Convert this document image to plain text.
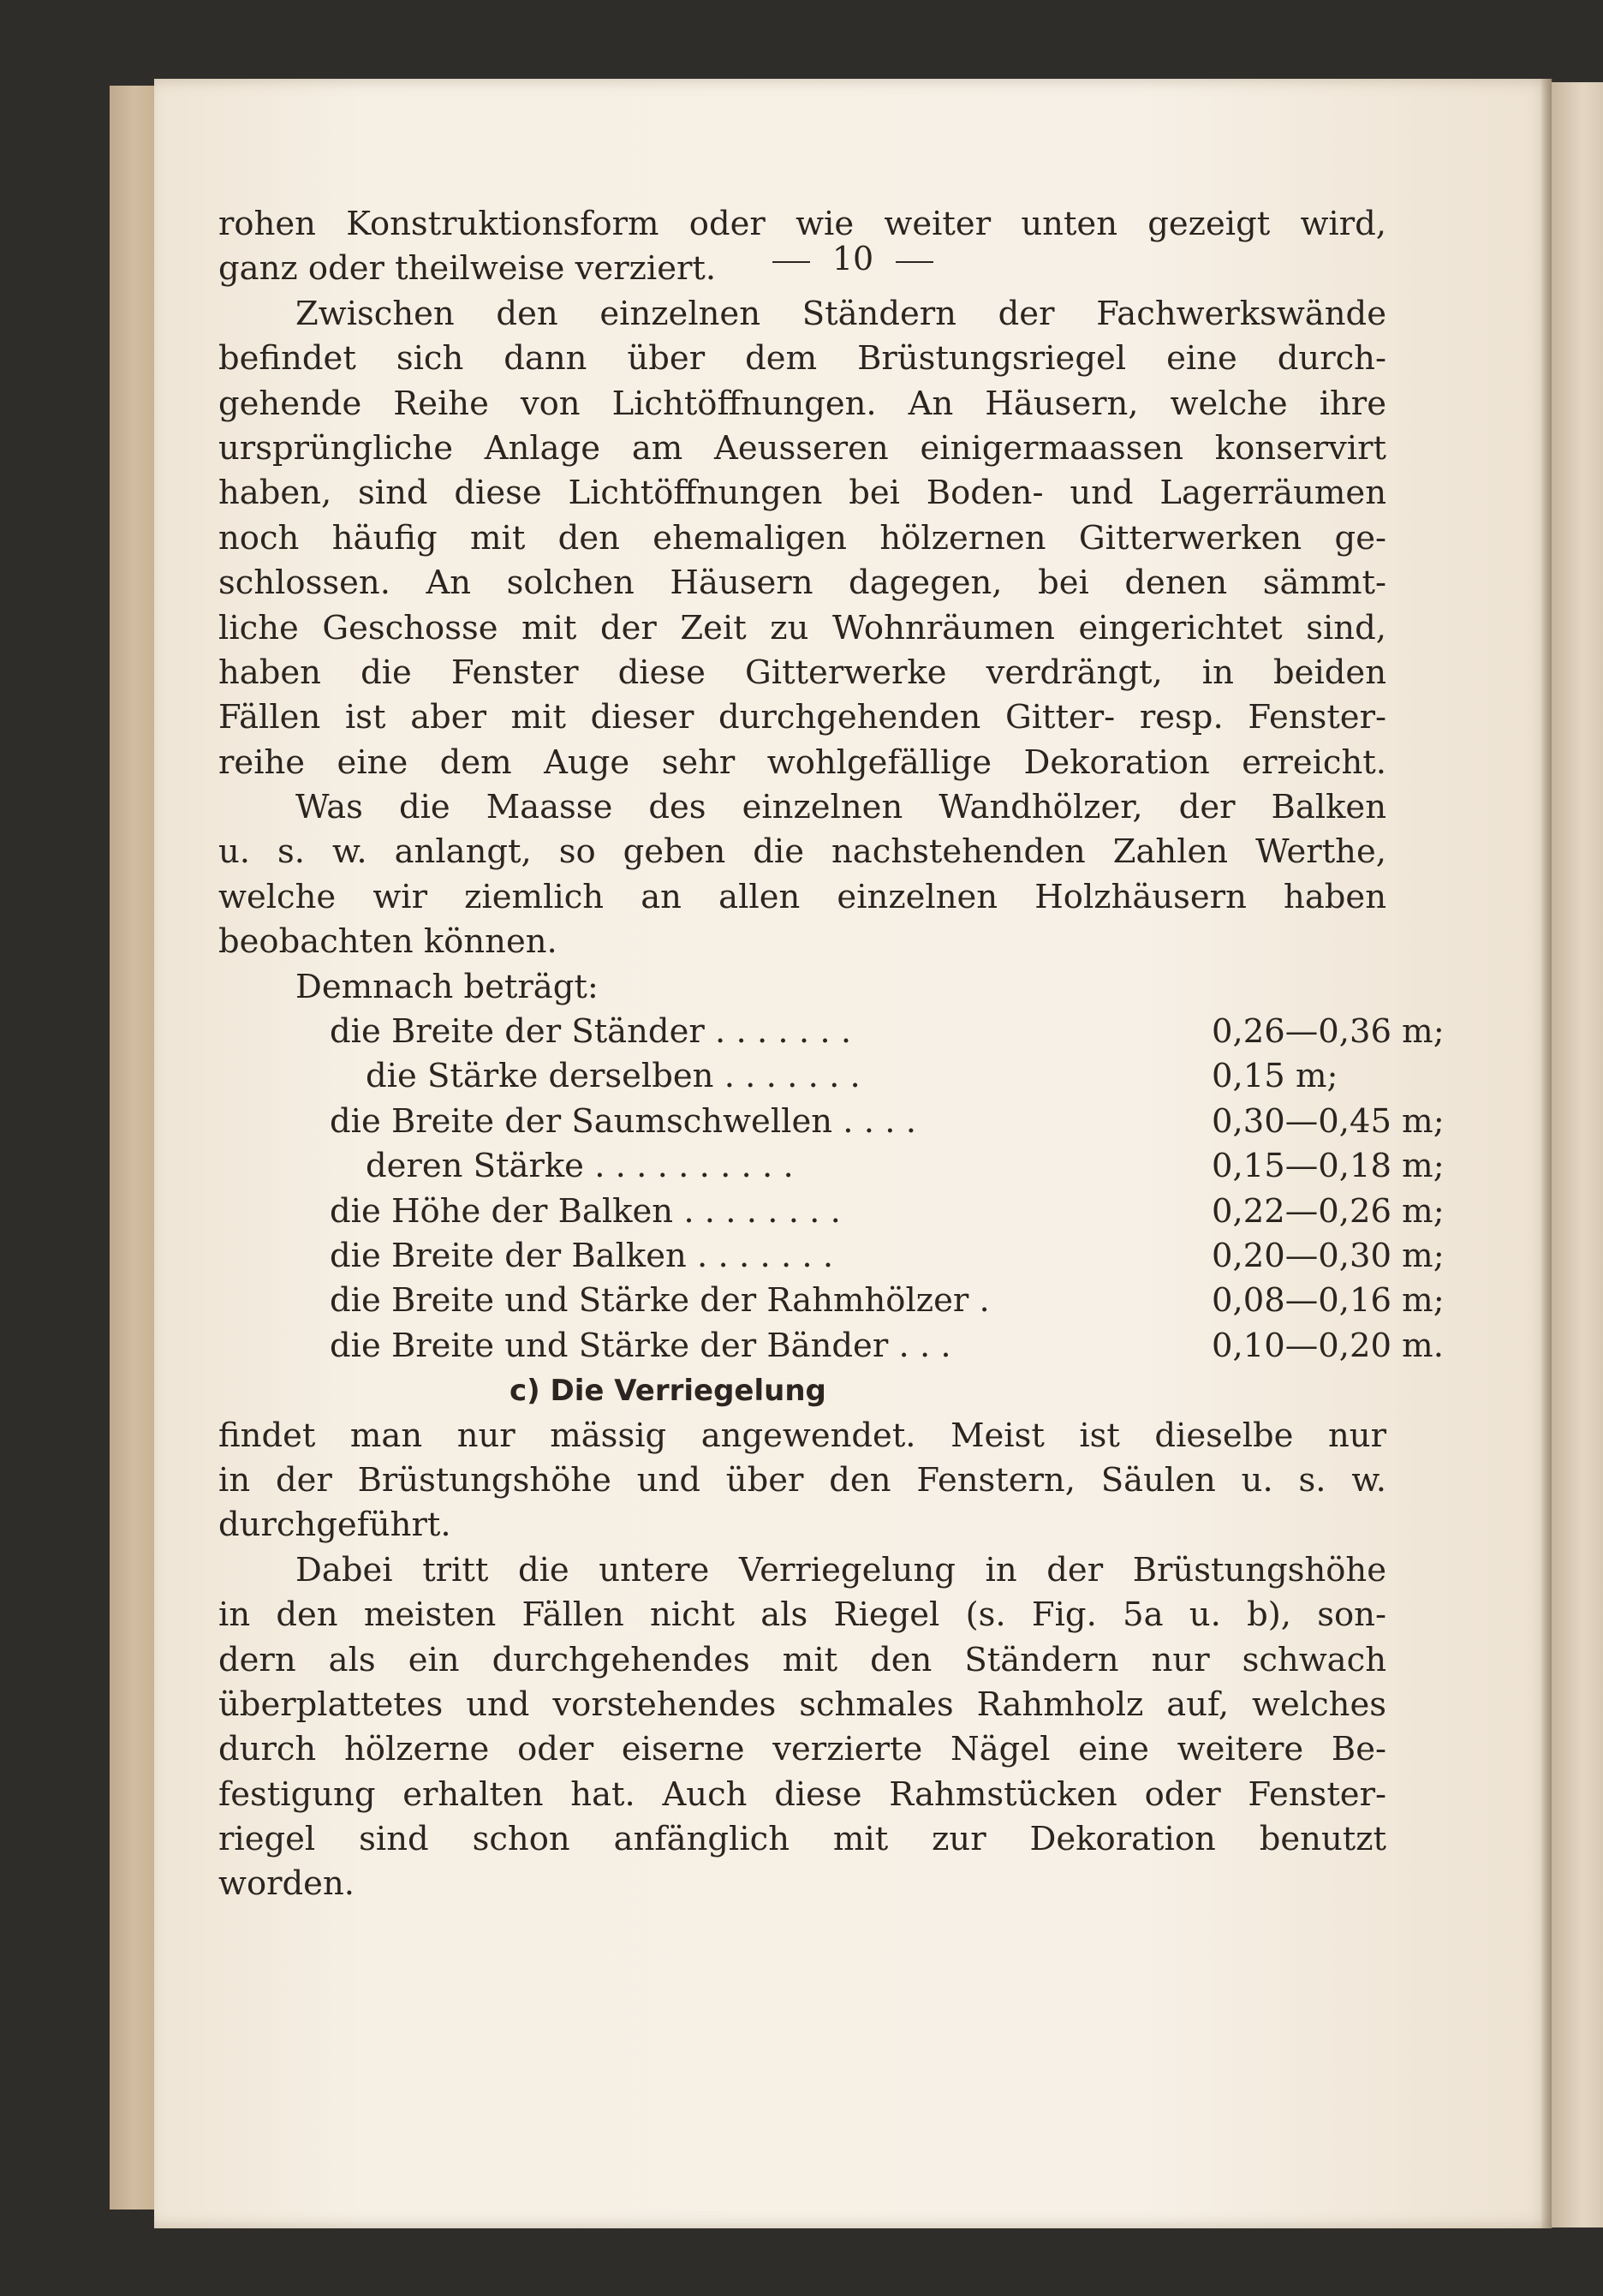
10
rohen Konstruktionsform oder wie weiter unten gezeigt wird,
ganz oder theilweise verziert.
Zwischen den einzelnen Ständern der Fachwerkswände
befindet sich dann über dem Brüstungsriegel eine durch-
gehende Reihe von Lichtöffnungen. An Häusern, welche ihre
ursprüngliche Anlage am Aeusseren einigermaassen konservirt
haben, sind diese Lichtöffnungen bei Boden- und Lagerräumen
noch häufig mit den ehemaligen hölzernen Gitterwerken ge-
schlossen. An solchen Häusern dagegen, bei denen sämmt-
liche Geschosse mit der Zeit zu Wohnräumen eingerichtet sind,
haben die Fenster diese Gitterwerke verdrängt, in beiden
Fällen ist aber mit dieser durchgehenden Gitter- resp. Fenster-
reihe eine dem Auge sehr wohlgefällige Dekoration erreicht.
Was die Maasse des einzelnen Wandhölzer, der Balken
u. s. w. anlangt, so geben die nachstehenden Zahlen Werthe,
welche wir ziemlich an allen einzelnen Holzhäusern haben
beobachten können.
Demnach beträgt:
die Breite der Ständer . . . . . . .	0,26—0,36 m;
die Stärke derselben . . . . . . .	0,15 m;
die Breite der Saumschwellen . . . .	0,30—0,45 m;
deren Stärke . . . . . . . . . .	0,15—0,18 m;
die Höhe der Balken . . . . . . . .	0,22—0,26 m;
die Breite der Balken . . . . . . .	0,20—0,30 m;
die Breite und Stärke der Rahmhölzer .	0,08—0,16 m;
die Breite und Stärke der Bänder . . .	0,10—0,20 m.
c) Die Verriegelung
findet man nur mässig angewendet. Meist ist dieselbe nur
in der Brüstungshöhe und über den Fenstern, Säulen u. s. w.
durchgeführt.
Dabei tritt die untere Verriegelung in der Brüstungshöhe
in den meisten Fällen nicht als Riegel (s. Fig. 5a u. b), son-
dern als ein durchgehendes mit den Ständern nur schwach
überplattetes und vorstehendes schmales Rahmholz auf, welches
durch hölzerne oder eiserne verzierte Nägel eine weitere Be-
festigung erhalten hat. Auch diese Rahmstücken oder Fenster-
riegel sind schon anfänglich mit zur Dekoration benutzt
worden.
